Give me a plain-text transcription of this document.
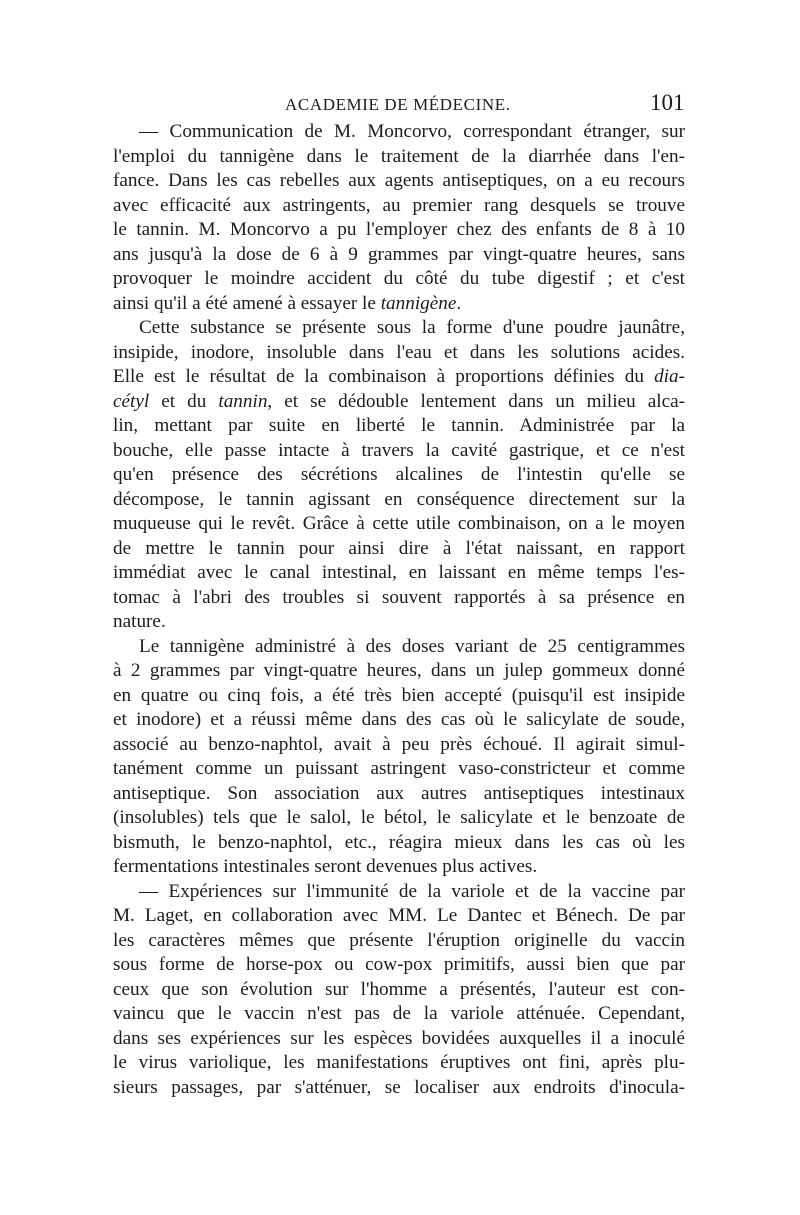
ACADEMIE DE MÉDECINE.	101
— Communication de M. Moncorvo, correspondant étranger, sur
l'emploi du tannigène dans le traitement de la diarrhée dans l'en-
fance. Dans les cas rebelles aux agents antiseptiques, on a eu recours
avec efficacité aux astringents, au premier rang desquels se trouve
le tannin. M. Moncorvo a pu l'employer chez des enfants de 8 à 10
ans jusqu'à la dose de 6 à 9 grammes par vingt-quatre heures, sans
provoquer le moindre accident du côté du tube digestif ; et c'est
ainsi qu'il a été amené à essayer le tannigène.
Cette substance se présente sous la forme d'une poudre jaunâtre,
insipide, inodore, insoluble dans l'eau et dans les solutions acides.
Elle est le résultat de la combinaison à proportions définies du dia-
cétyl et du tannin, et se dédouble lentement dans un milieu alca-
lin, mettant par suite en liberté le tannin. Administrée par la
bouche, elle passe intacte à travers la cavité gastrique, et ce n'est
qu'en présence des sécrétions alcalines de l'intestin qu'elle se
décompose, le tannin agissant en conséquence directement sur la
muqueuse qui le revêt. Grâce à cette utile combinaison, on a le moyen
de mettre le tannin pour ainsi dire à l'état naissant, en rapport
immédiat avec le canal intestinal, en laissant en même temps l'es-
tomac à l'abri des troubles si souvent rapportés à sa présence en
nature.
Le tannigène administré à des doses variant de 25 centigrammes
à 2 grammes par vingt-quatre heures, dans un julep gommeux donné
en quatre ou cinq fois, a été très bien accepté (puisqu'il est insipide
et inodore) et a réussi même dans des cas où le salicylate de soude,
associé au benzo-naphtol, avait à peu près échoué. Il agirait simul-
tanément comme un puissant astringent vaso-constricteur et comme
antiseptique. Son association aux autres antiseptiques intestinaux
(insolubles) tels que le salol, le bétol, le salicylate et le benzoate de
bismuth, le benzo-naphtol, etc., réagira mieux dans les cas où les
fermentations intestinales seront devenues plus actives.
— Expériences sur l'immunité de la variole et de la vaccine par
M. Laget, en collaboration avec MM. Le Dantec et Bénech. De par
les caractères mêmes que présente l'éruption originelle du vaccin
sous forme de horse-pox ou cow-pox primitifs, aussi bien que par
ceux que son évolution sur l'homme a présentés, l'auteur est con-
vaincu que le vaccin n'est pas de la variole atténuée. Cependant,
dans ses expériences sur les espèces bovidées auxquelles il a inoculé
le virus variolique, les manifestations éruptives ont fini, après plu-
sieurs passages, par s'atténuer, se localiser aux endroits d'inocula-
